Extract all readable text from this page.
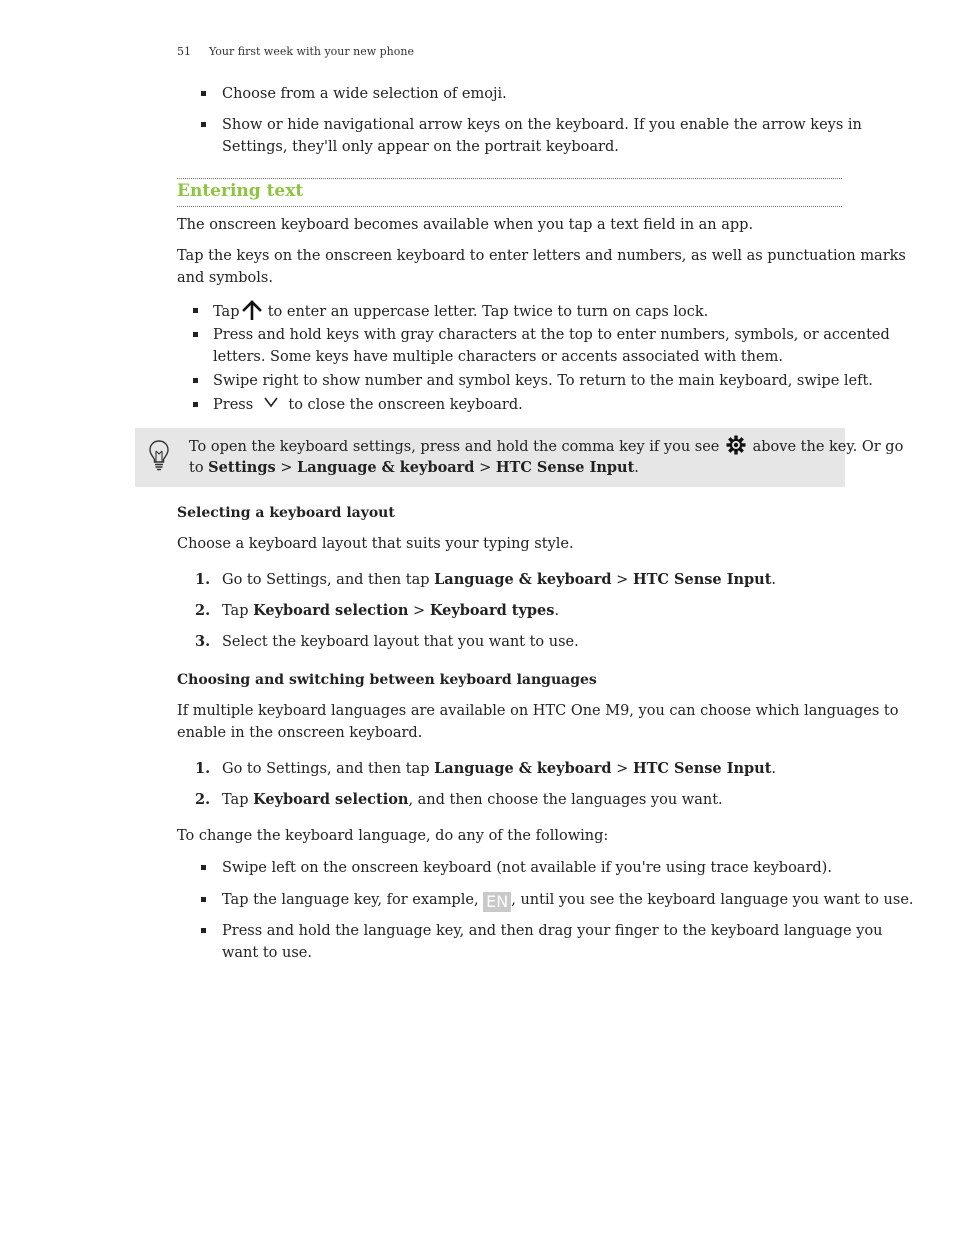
51 Your first week with your new phone
Choose from a wide selection of emoji.
Show or hide navigational arrow keys on the keyboard. If you enable the arrow keys in
Settings, they'll only appear on the portrait keyboard.
Entering text
The onscreen keyboard becomes available when you tap a text field in an app.
Tap the keys on the onscreen keyboard to enter letters and numbers, as well as punctuation marks
and symbols.
Tap to enter an uppercase letter. Tap twice to turn on caps lock.
Press and hold keys with gray characters at the top to enter numbers, symbols, or accented
letters. Some keys have multiple characters or accents associated with them.
Swipe right to show number and symbol keys. To return to the main keyboard, swipe left.
Press to close the onscreen keyboard.
To open the keyboard settings, press and hold the comma key if you see above the key. Or go
to Settings > Language & keyboard > HTC Sense Input.
Selecting a keyboard layout
Choose a keyboard layout that suits your typing style.
1. Go to Settings, and then tap Language & keyboard > HTC Sense Input.
2. Tap Keyboard selection > Keyboard types.
3. Select the keyboard layout that you want to use.
Choosing and switching between keyboard languages
If multiple keyboard languages are available on HTC One M9, you can choose which languages to
enable in the onscreen keyboard.
1. Go to Settings, and then tap Language & keyboard > HTC Sense Input.
2. Tap Keyboard selection, and then choose the languages you want.
To change the keyboard language, do any of the following:
Swipe left on the onscreen keyboard (not available if you're using trace keyboard).
Tap the language key, for example, EN , until you see the keyboard language you want to use.
Press and hold the language key, and then drag your finger to the keyboard language you
want to use.
